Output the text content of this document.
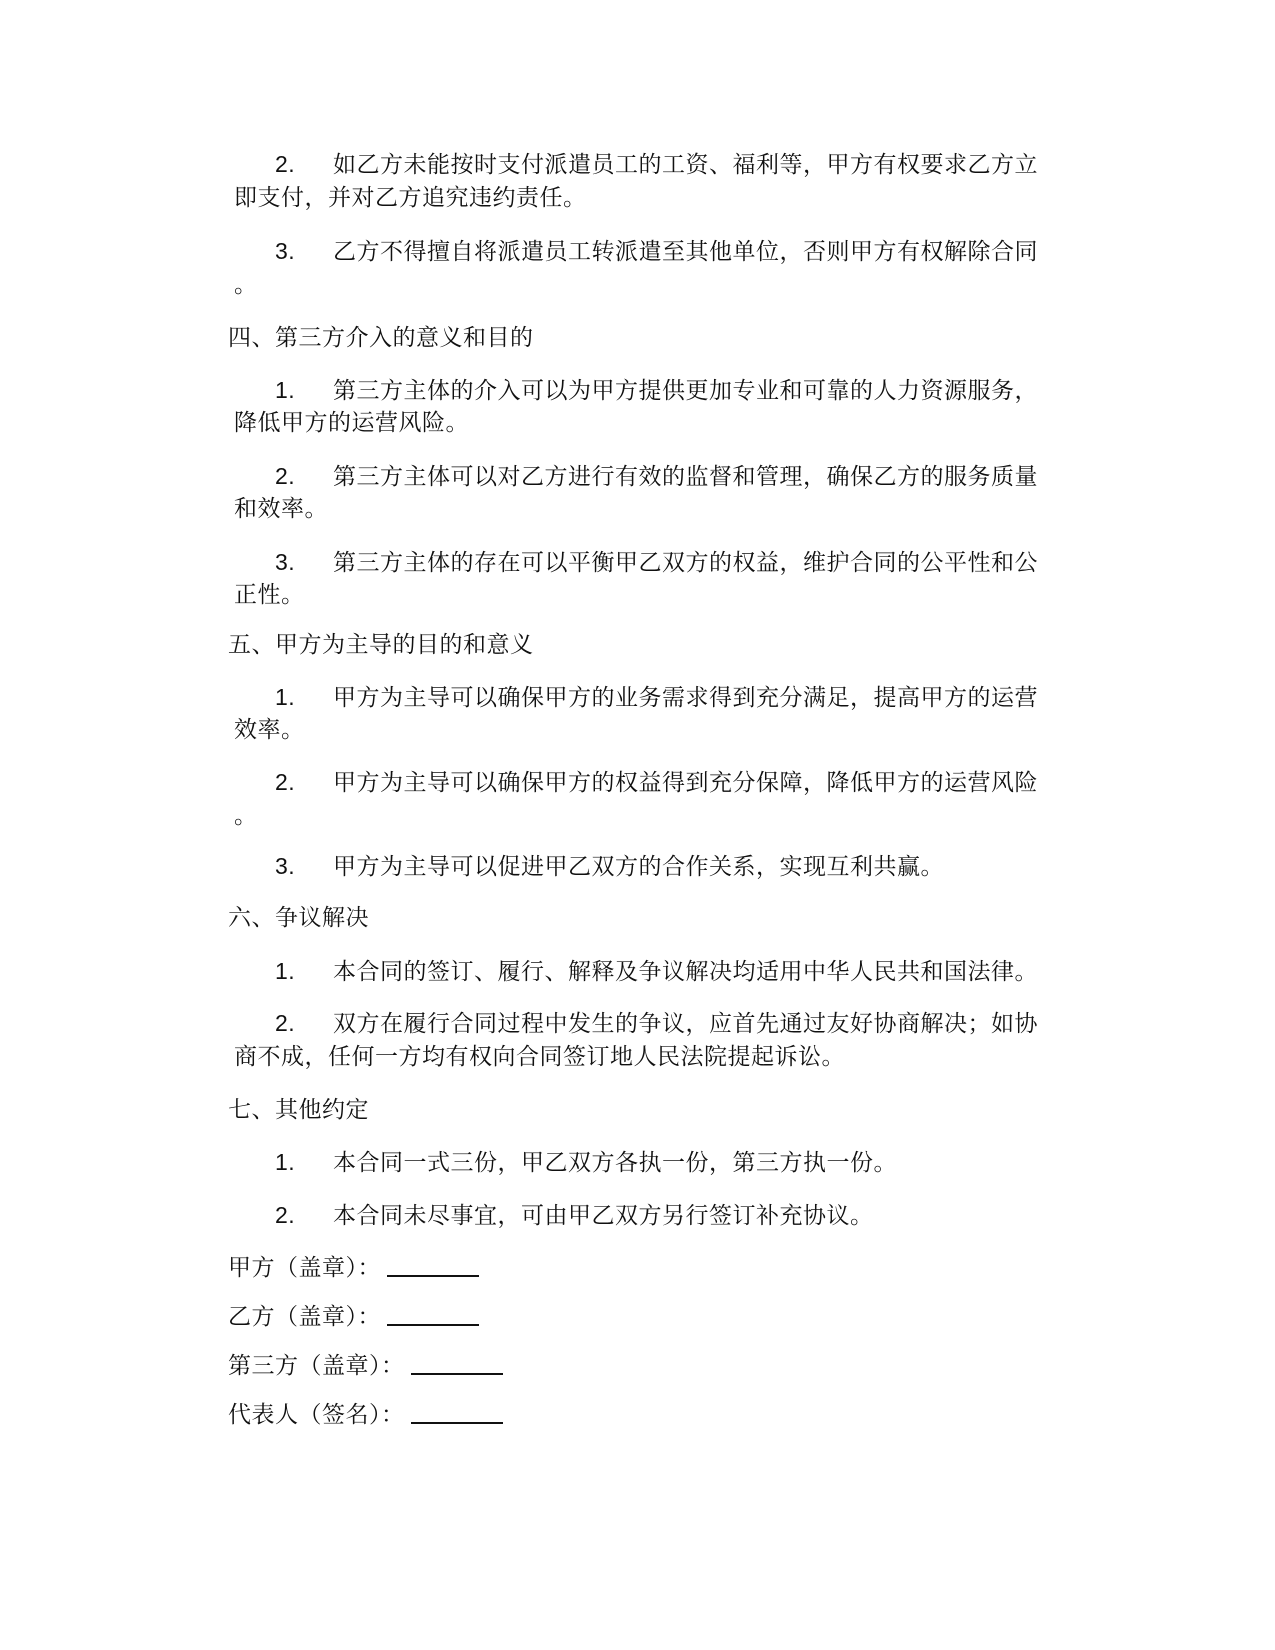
2. 如乙方未能按时支付派遣员工的工资、福利等，甲方有权要求乙方立
即支付，并对乙方追究违约责任。
3. 乙方不得擅自将派遣员工转派遣至其他单位，否则甲方有权解除合同
。
四、第三方介入的意义和目的
1. 第三方主体的介入可以为甲方提供更加专业和可靠的人力资源服务，
降低甲方的运营风险。
2. 第三方主体可以对乙方进行有效的监督和管理，确保乙方的服务质量
和效率。
3. 第三方主体的存在可以平衡甲乙双方的权益，维护合同的公平性和公
正性。
五、甲方为主导的目的和意义
1. 甲方为主导可以确保甲方的业务需求得到充分满足，提高甲方的运营
效率。
2. 甲方为主导可以确保甲方的权益得到充分保障，降低甲方的运营风险
。
3. 甲方为主导可以促进甲乙双方的合作关系，实现互利共赢。
六、争议解决
1. 本合同的签订、履行、解释及争议解决均适用中华人民共和国法律。
2. 双方在履行合同过程中发生的争议，应首先通过友好协商解决；如协
商不成，任何一方均有权向合同签订地人民法院提起诉讼。
七、其他约定
1. 本合同一式三份，甲乙双方各执一份，第三方执一份。
2. 本合同未尽事宜，可由甲乙双方另行签订补充协议。
甲方（盖章）：
乙方（盖章）：
第三方（盖章）：
代表人（签名）：
